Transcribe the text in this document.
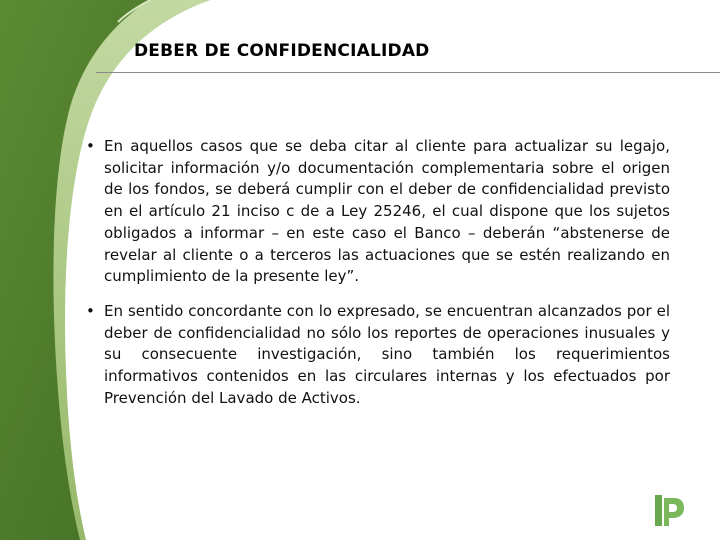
DEBER DE CONFIDENCIALIDAD
• En aquellos casos que se deba citar al cliente para actualizar su legajo, solicitar información y/o documentación complementaria sobre el origen de los fondos, se deberá cumplir con el deber de confidencialidad previsto en el artículo 21 inciso c de a Ley 25246, el cual dispone que los sujetos obligados a informar – en este caso el Banco – deberán “abstenerse de revelar al cliente o a terceros las actuaciones que se estén realizando en cumplimiento de la presente ley”.
• En sentido concordante con lo expresado, se encuentran alcanzados por el deber de confidencialidad no sólo los reportes de operaciones inusuales y su consecuente investigación, sino también los requerimientos informativos contenidos en las circulares internas y los efectuados por Prevención del Lavado de Activos.
